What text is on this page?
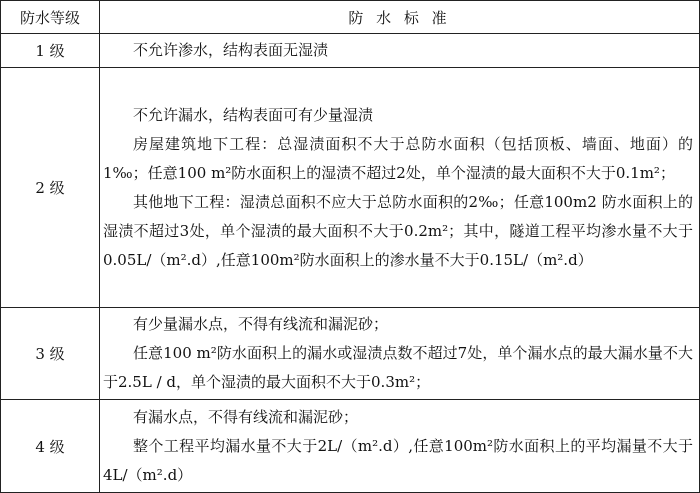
防水等级	防 水 标 准
1 级	不允许渗水，结构表面无湿渍

2 级	不允许漏水，结构表面可有少量湿渍

房屋建筑地下工程：总湿渍面积不大于总防水面积（包括顶板、墙面、地面）的1‰；任意100 m²防水面积上的湿渍不超过2处，单个湿渍的最大面积不大于0.1m²；

其他地下工程：湿渍总面积不应大于总防水面积的2‰；任意100m2 防水面积上的湿渍不超过3处，单个湿渍的最大面积不大于0.2m²；其中，隧道工程平均渗水量不大于0.05L/（m².d）,任意100m²防水面积上的渗水量不大于0.15L/（m².d）

3 级	有少量漏水点，不得有线流和漏泥砂；

任意100 m²防水面积上的漏水或湿渍点数不超过7处，单个漏水点的最大漏水量不大于2.5L / d，单个湿渍的最大面积不大于0.3m²；

4 级	有漏水点，不得有线流和漏泥砂；

整个工程平均漏水量不大于2L/（m².d）,任意100m²防水面积上的平均漏量不大于4L/（m².d）
